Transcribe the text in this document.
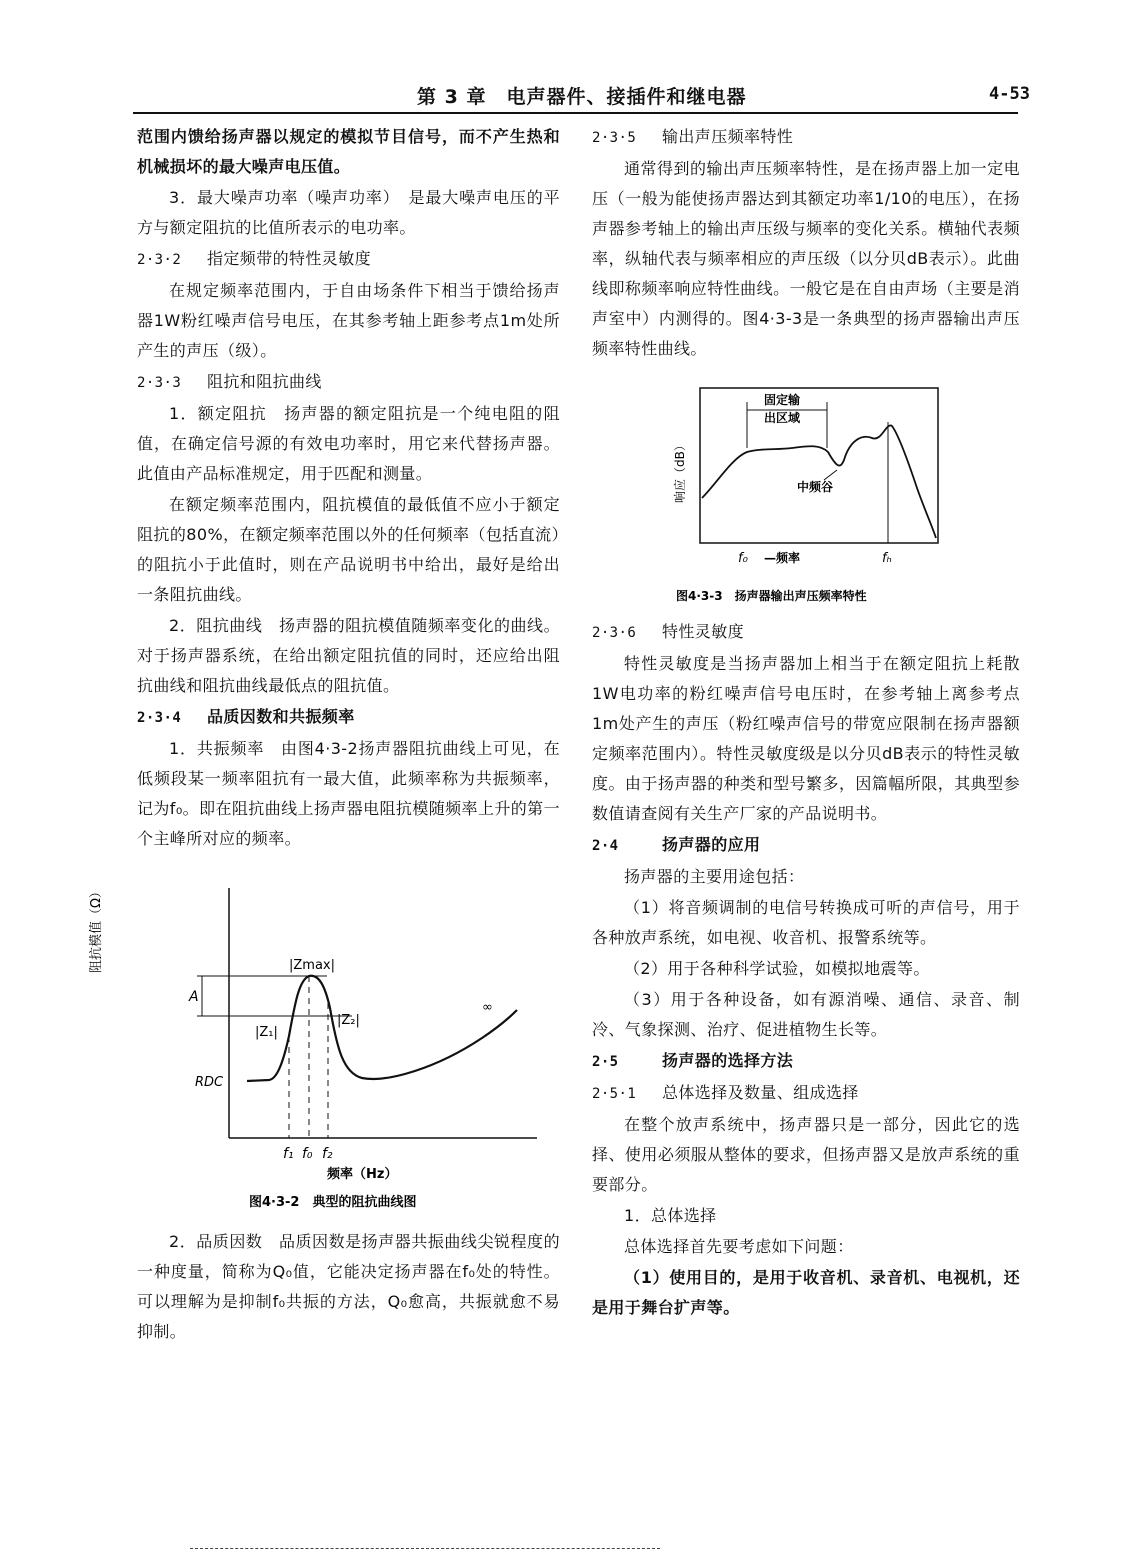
第 3 章　电声器件、接插件和继电器	4-53

范围内馈给扬声器以规定的模拟节目信号，而不产生热和机械损坏的最大噪声电压值。

3．最大噪声功率（噪声功率）　是最大噪声电压的平方与额定阻抗的比值所表示的电功率。

2·3·2 指定频带的特性灵敏度

在规定频率范围内，于自由场条件下相当于馈给扬声器1W粉红噪声信号电压，在其参考轴上距参考点1m处所产生的声压（级）。

2·3·3 阻抗和阻抗曲线

1．额定阻抗　扬声器的额定阻抗是一个纯电阻的阻值，在确定信号源的有效电功率时，用它来代替扬声器。此值由产品标准规定，用于匹配和测量。

在额定频率范围内，阻抗模值的最低值不应小于额定阻抗的80%，在额定频率范围以外的任何频率（包括直流）的阻抗小于此值时，则在产品说明书中给出，最好是给出一条阻抗曲线。

2．阻抗曲线　扬声器的阻抗模值随频率变化的曲线。对于扬声器系统，在给出额定阻抗值的同时，还应给出阻抗曲线和阻抗曲线最低点的阻抗值。

2·3·4 品质因数和共振频率

1．共振频率　由图4·3-2扬声器阻抗曲线上可见，在低频段某一频率阻抗有一最大值，此频率称为共振频率，记为f₀。即在阻抗曲线上扬声器电阻抗模随频率上升的第一个主峰所对应的频率。

阻抗模值（Ω）
A
|Zmax|
|Z₁|
|Z₂|
RDC
∞
f₁ f₀ f₂
频率（Hz）
图4·3-2　典型的阻抗曲线图

2．品质因数　品质因数是扬声器共振曲线尖锐程度的一种度量，简称为Q₀值，它能决定扬声器在f₀处的特性。可以理解为是抑制f₀共振的方法，Q₀愈高，共振就愈不易抑制。

2·3·5 输出声压频率特性

通常得到的输出声压频率特性，是在扬声器上加一定电压（一般为能使扬声器达到其额定功率1/10的电压），在扬声器参考轴上的输出声压级与频率的变化关系。横轴代表频率，纵轴代表与频率相应的声压级（以分贝dB表示）。此曲线即称频率响应特性曲线。一般它是在自由声场（主要是消声室中）内测得的。图4·3-3是一条典型的扬声器输出声压频率特性曲线。

响应（dB）
固定输
出区域
中频谷
f₀ —频率	fₕ
图4·3-3　扬声器输出声压频率特性
2·3·6 特性灵敏度

特性灵敏度是当扬声器加上相当于在额定阻抗上耗散1W电功率的粉红噪声信号电压时，在参考轴上离参考点1m处产生的声压（粉红噪声信号的带宽应限制在扬声器额定频率范围内）。特性灵敏度级是以分贝dB表示的特性灵敏度。由于扬声器的种类和型号繁多，因篇幅所限，其典型参数值请查阅有关生产厂家的产品说明书。

2·4	扬声器的应用

扬声器的主要用途包括：

（1）将音频调制的电信号转换成可听的声信号，用于各种放声系统，如电视、收音机、报警系统等。

（2）用于各种科学试验，如模拟地震等。

（3）用于各种设备，如有源消噪、通信、录音、制冷、气象探测、治疗、促进植物生长等。

2·5	扬声器的选择方法
2·5·1 总体选择及数量、组成选择

在整个放声系统中，扬声器只是一部分，因此它的选择、使用必须服从整体的要求，但扬声器又是放声系统的重要部分。

1．总体选择

总体选择首先要考虑如下问题：

（1）使用目的，是用于收音机、录音机、电视机，还是用于舞台扩声等。
